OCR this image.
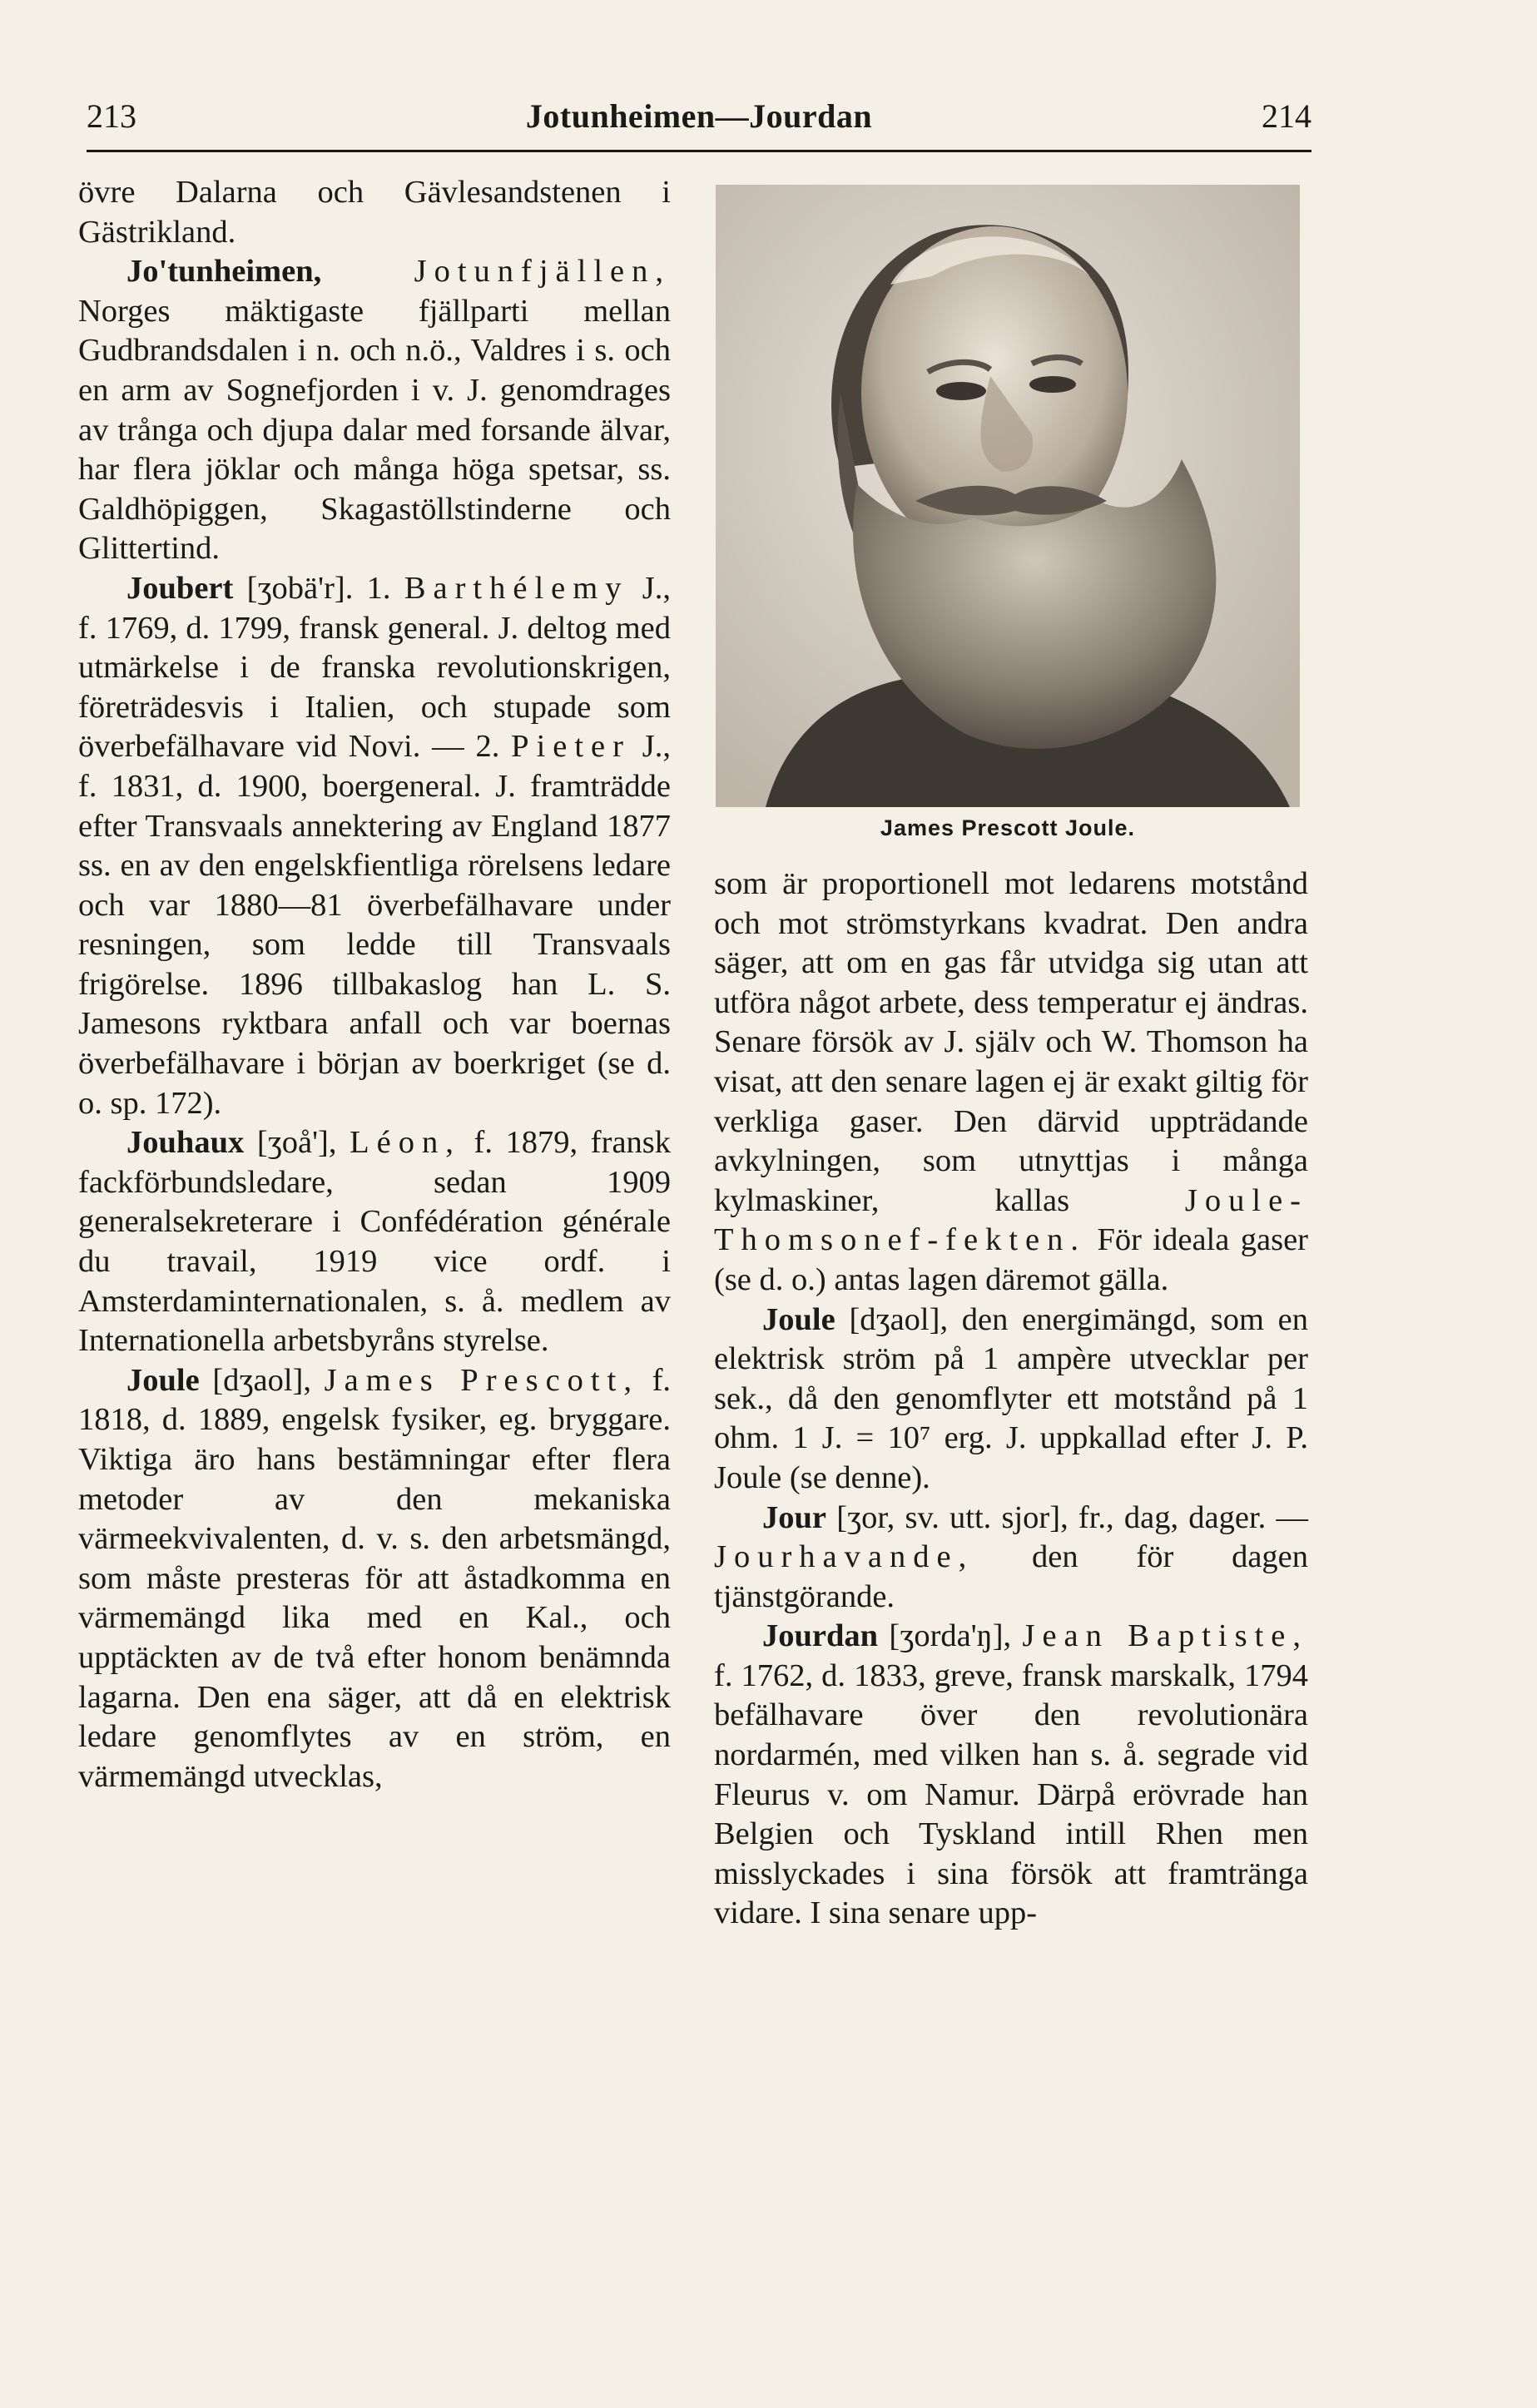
213	Jotunheimen—Jourdan	214

övre Dalarna och Gävlesandstenen i Gästrikland.

Jo'tunheimen,	Jotunfjällen, Norges mäktigaste fjällparti mellan Gudbrandsdalen i n. och n.ö., Valdres i s. och en arm av Sognefjorden i v. J. genomdrages av trånga och djupa dalar med forsande älvar, har flera jöklar och många höga spetsar, ss. Galdhöpiggen, Skagastöllstinderne och Glittertind.

Joubert [ʒobä'r]. 1. Barthélemy J., f. 1769, d. 1799, fransk general. J. deltog med utmärkelse i de franska revolutionskrigen, företrädesvis i Italien, och stupade som överbefälhavare vid Novi. — 2. Pieter J., f. 1831, d. 1900, boergeneral. J. framträdde efter Transvaals annektering av England 1877 ss. en av den engelskfientliga rörelsens ledare och var 1880—81 överbefälhavare under resningen, som ledde till Transvaals frigörelse. 1896 tillbakaslog han L. S. Jamesons ryktbara anfall och var boernas överbefälhavare i början av boerkriget (se d. o. sp. 172).

Jouhaux [ʒoå'], Léon, f. 1879, fransk fackförbundsledare, sedan 1909 generalsekreterare i Confédération générale du travail, 1919 vice ordf. i Amsterdaminternationalen, s. å. medlem av Internationella arbetsbyråns styrelse.

Joule [dʒaol], James Prescott, f. 1818, d. 1889, engelsk fysiker, eg. bryggare. Viktiga äro hans bestämningar efter flera metoder av den mekaniska värmeekvivalenten, d. v. s. den arbetsmängd, som måste presteras för att åstadkomma en värmemängd lika med en Kal., och upptäckten av de två efter honom benämnda lagarna. Den ena säger, att då en elektrisk ledare genomflytes av en ström, en värmemängd utvecklas,

James Prescott Joule.

som är proportionell mot ledarens motstånd och mot strömstyrkans kvadrat. Den andra säger, att om en gas får utvidga sig utan att utföra något arbete, dess temperatur ej ändras. Senare försök av J. själv och W. Thomson ha visat, att den senare lagen ej är exakt giltig för verkliga gaser. Den därvid uppträdande avkylningen, som utnyttjas i många kylmaskiner, kallas	Joule-Thomsonef-fekten. För ideala gaser (se d. o.) antas lagen däremot gälla.

Joule [dʒaol], den energimängd, som en elektrisk ström på 1 ampère utvecklar per sek., då den genomflyter ett motstånd på 1 ohm. 1 J. = 10⁷ erg. J. uppkallad efter J. P. Joule (se denne).

Jour [ʒor, sv. utt. sjor], fr., dag, dager. — Jourhavande, den för dagen tjänstgörande.

Jourdan [ʒorda'ŋ], Jean Baptiste, f. 1762, d. 1833, greve, fransk marskalk, 1794 befälhavare över den revolutionära nordarmén, med vilken han s. å. segrade vid Fleurus v. om Namur. Därpå erövrade han Belgien och Tyskland intill Rhen men misslyckades i sina försök att framtränga vidare. I sina senare upp-
